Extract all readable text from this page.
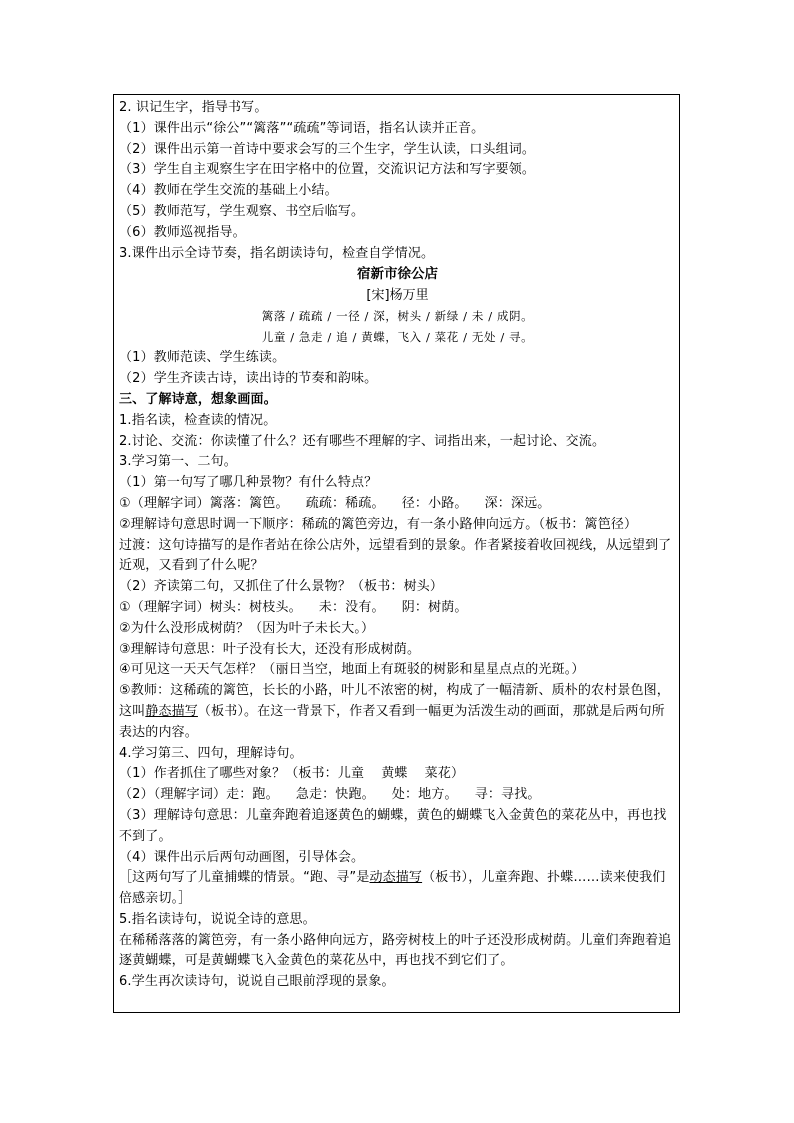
2. 识记生字，指导书写。
（1）课件出示“徐公”“篱落”“疏疏”等词语，指名认读并正音。
（2）课件出示第一首诗中要求会写的三个生字，学生认读，口头组词。
（3）学生自主观察生字在田字格中的位置，交流识记方法和写字要领。
（4）教师在学生交流的基础上小结。
（5）教师范写，学生观察、书空后临写。
（6）教师巡视指导。
3.课件出示全诗节奏，指名朗读诗句，检查自学情况。
宿新市徐公店
[宋]杨万里
篱落 / 疏疏 / 一径 / 深，树头 / 新绿 / 未 / 成阴。
儿童 / 急走 / 追 / 黄蝶，飞入 / 菜花 / 无处 / 寻。
（1）教师范读、学生练读。
（2）学生齐读古诗，读出诗的节奏和韵味。
三、了解诗意，想象画面。
1.指名读，检查读的情况。
2.讨论、交流：你读懂了什么？还有哪些不理解的字、词指出来，一起讨论、交流。
3.学习第一、二句。
（1）第一句写了哪几种景物？有什么特点？
①（理解字词）篱落：篱笆。    疏疏：稀疏。    径：小路。    深：深远。
②理解诗句意思时调一下顺序：稀疏的篱笆旁边，有一条小路伸向远方。（板书：篱笆径）
过渡：这句诗描写的是作者站在徐公店外，远望看到的景象。作者紧接着收回视线，从远望到了近观，又看到了什么呢？
（2）齐读第二句，又抓住了什么景物？（板书：树头）
①（理解字词）树头：树枝头。    未：没有。    阴：树荫。
②为什么没形成树荫？（因为叶子未长大。）
③理解诗句意思：叶子没有长大，还没有形成树荫。
④可见这一天天气怎样？（丽日当空，地面上有斑驳的树影和星星点点的光斑。）
⑤教师：这稀疏的篱笆，长长的小路，叶儿不浓密的树，构成了一幅清新、质朴的农村景色图，这叫静态描写（板书）。在这一背景下，作者又看到一幅更为活泼生动的画面，那就是后两句所表达的内容。
4.学习第三、四句，理解诗句。
（1）作者抓住了哪些对象？（板书：儿童    黄蝶    菜花）
（2）（理解字词）走：跑。    急走：快跑。    处：地方。    寻：寻找。
（3）理解诗句意思：儿童奔跑着追逐黄色的蝴蝶，黄色的蝴蝶飞入金黄色的菜花丛中，再也找不到了。
（4）课件出示后两句动画图，引导体会。
［这两句写了儿童捕蝶的情景。“跑、寻”是动态描写（板书），儿童奔跑、扑蝶……读来使我们倍感亲切。］
5.指名读诗句，说说全诗的意思。
在稀稀落落的篱笆旁，有一条小路伸向远方，路旁树枝上的叶子还没形成树荫。儿童们奔跑着追逐黄蝴蝶，可是黄蝴蝶飞入金黄色的菜花丛中，再也找不到它们了。
6.学生再次读诗句，说说自己眼前浮现的景象。
